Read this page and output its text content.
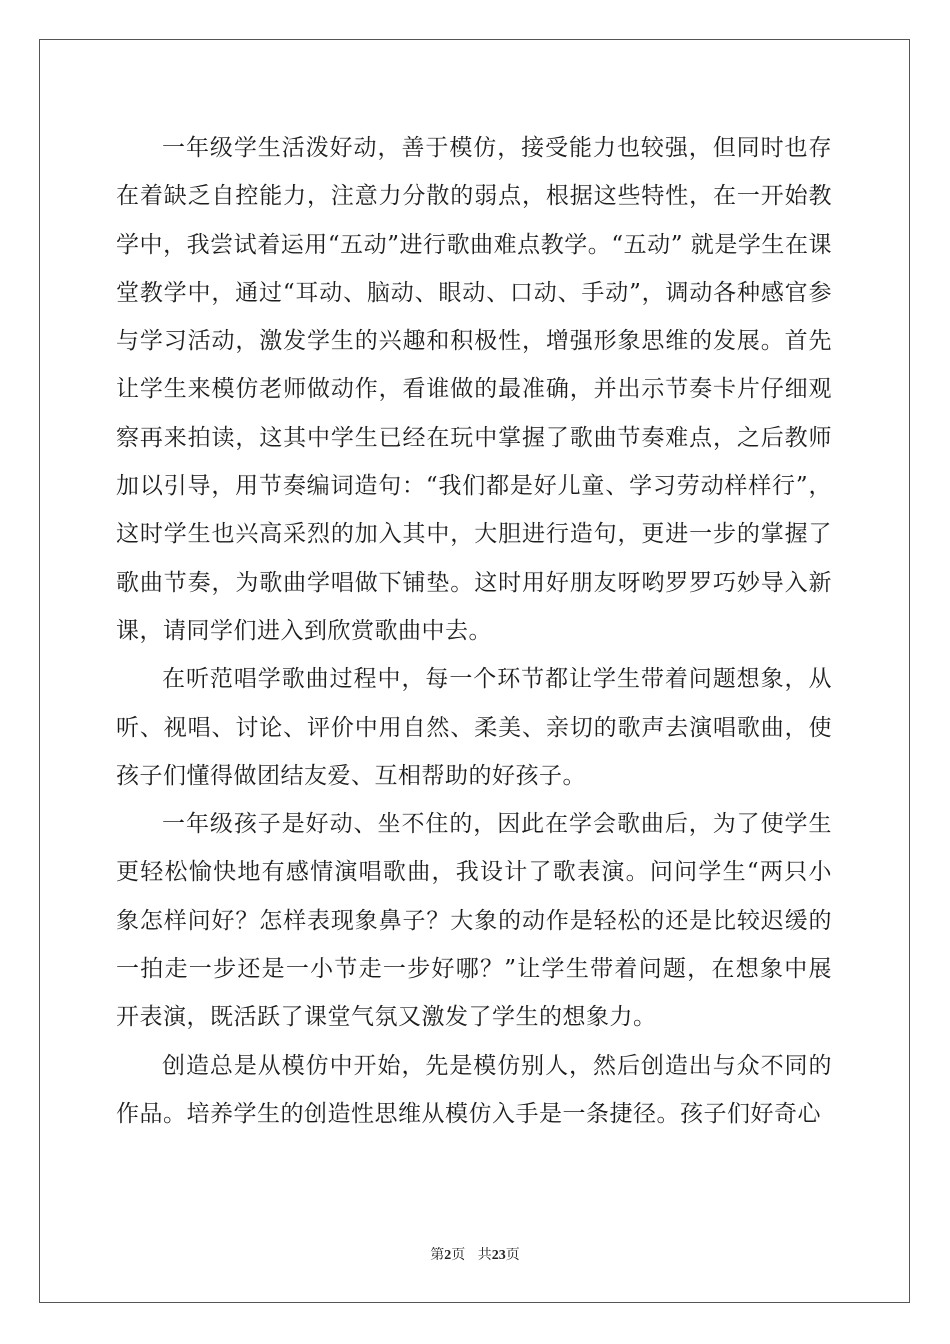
一年级学生活泼好动，善于模仿，接受能力也较强，但同时也存在着缺乏自控能力，注意力分散的弱点，根据这些特性，在一开始教学中，我尝试着运用“五动”进行歌曲难点教学。“五动” 就是学生在课堂教学中，通过“耳动、脑动、眼动、口动、手动”，调动各种感官参与学习活动，激发学生的兴趣和积极性，增强形象思维的发展。首先让学生来模仿老师做动作，看谁做的最准确，并出示节奏卡片仔细观察再来拍读，这其中学生已经在玩中掌握了歌曲节奏难点，之后教师加以引导，用节奏编词造句：“我们都是好儿童、学习劳动样样行”，这时学生也兴高采烈的加入其中，大胆进行造句，更进一步的掌握了歌曲节奏，为歌曲学唱做下铺垫。这时用好朋友呀哟罗罗巧妙导入新课，请同学们进入到欣赏歌曲中去。

在听范唱学歌曲过程中，每一个环节都让学生带着问题想象，从听、视唱、讨论、评价中用自然、柔美、亲切的歌声去演唱歌曲，使孩子们懂得做团结友爱、互相帮助的好孩子。

一年级孩子是好动、坐不住的，因此在学会歌曲后，为了使学生更轻松愉快地有感情演唱歌曲，我设计了歌表演。问问学生“两只小象怎样问好？怎样表现象鼻子？大象的动作是轻松的还是比较迟缓的一拍走一步还是一小节走一步好哪？”让学生带着问题，在想象中展开表演，既活跃了课堂气氛又激发了学生的想象力。

创造总是从模仿中开始，先是模仿别人，然后创造出与众不同的作品。培养学生的创造性思维从模仿入手是一条捷径。孩子们好奇心

第2页 共23页
